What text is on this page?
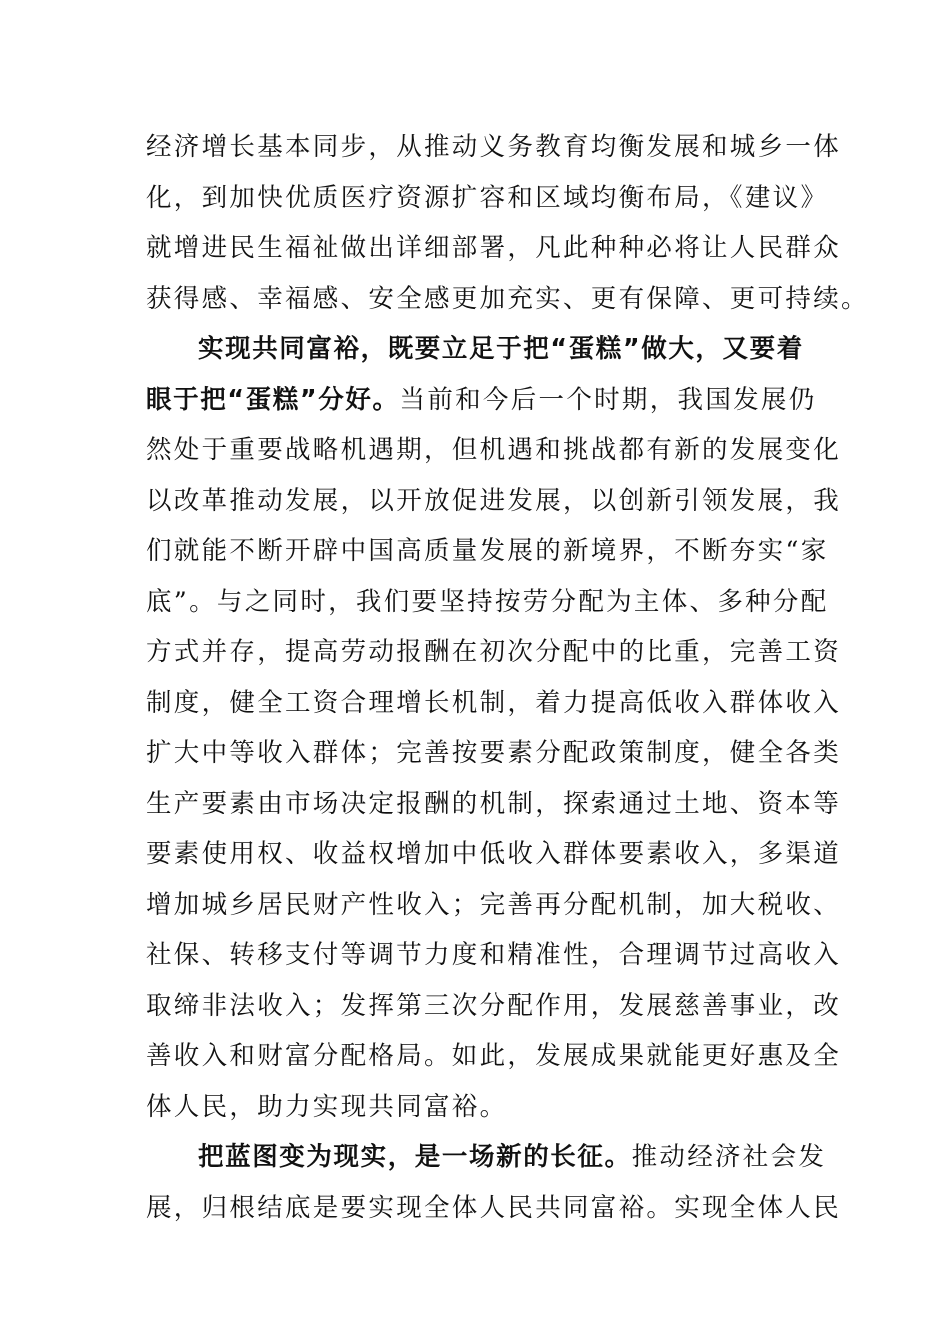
经济增长基本同步，从推动义务教育均衡发展和城乡一体
化，到加快优质医疗资源扩容和区域均衡布局，《建议》
就增进民生福祉做出详细部署，凡此种种必将让人民群众
获得感、幸福感、安全感更加充实、更有保障、更可持续。
实现共同富裕，既要立足于把“蛋糕”做大，又要着
眼于把“蛋糕”分好。当前和今后一个时期，我国发展仍
然处于重要战略机遇期，但机遇和挑战都有新的发展变化
以改革推动发展，以开放促进发展，以创新引领发展，我
们就能不断开辟中国高质量发展的新境界，不断夯实“家
底”。与之同时，我们要坚持按劳分配为主体、多种分配
方式并存，提高劳动报酬在初次分配中的比重，完善工资
制度，健全工资合理增长机制，着力提高低收入群体收入
扩大中等收入群体；完善按要素分配政策制度，健全各类
生产要素由市场决定报酬的机制，探索通过土地、资本等
要素使用权、收益权增加中低收入群体要素收入，多渠道
增加城乡居民财产性收入；完善再分配机制，加大税收、
社保、转移支付等调节力度和精准性，合理调节过高收入
取缔非法收入；发挥第三次分配作用，发展慈善事业，改
善收入和财富分配格局。如此，发展成果就能更好惠及全
体人民，助力实现共同富裕。
把蓝图变为现实，是一场新的长征。推动经济社会发
展，归根结底是要实现全体人民共同富裕。实现全体人民
